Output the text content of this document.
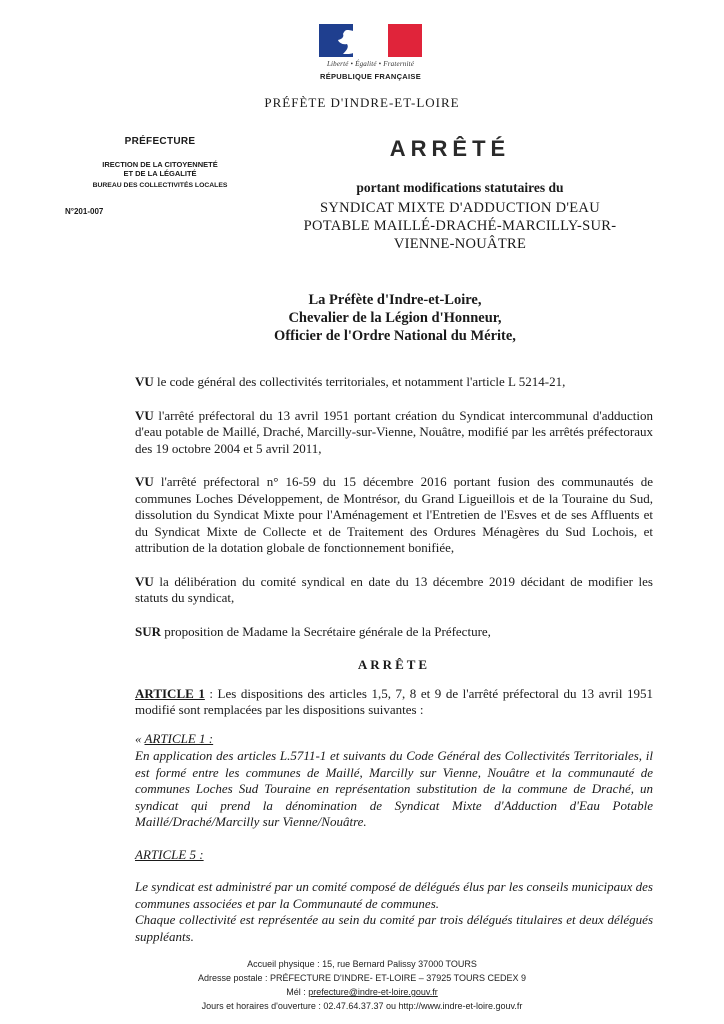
Liberté • Égalité • Fraternité
RÉPUBLIQUE FRANÇAISE
PRÉFÈTE D'INDRE-ET-LOIRE
PRÉFECTURE
IRECTION DE LA CITOYENNETÉ
ET DE LA LÉGALITÉ
BUREAU DES COLLECTIVITÉS LOCALES
N°201-007
ARRÊTÉ
portant modifications statutaires du
SYNDICAT MIXTE D'ADDUCTION D'EAU
POTABLE MAILLÉ-DRACHÉ-MARCILLY-SUR-
VIENNE-NOUÂTRE
La Préfète d'Indre-et-Loire,
Chevalier de la Légion d'Honneur,
Officier de l'Ordre National du Mérite,

VU le code général des collectivités territoriales, et notamment l'article L 5214-21,

VU l'arrêté préfectoral du 13 avril 1951 portant création du Syndicat intercommunal d'adduction d'eau potable de Maillé, Draché, Marcilly-sur-Vienne, Nouâtre, modifié par les arrêtés préfectoraux des 19 octobre 2004 et 5 avril 2011,

VU l'arrêté préfectoral n° 16-59 du 15 décembre 2016 portant fusion des communautés de communes Loches Développement, de Montrésor, du Grand Ligueillois et de la Touraine du Sud, dissolution du Syndicat Mixte pour l'Aménagement et l'Entretien de l'Esves et de ses Affluents et du Syndicat Mixte de Collecte et de Traitement des Ordures Ménagères du Sud Lochois, et attribution de la dotation globale de fonctionnement bonifiée,

VU la délibération du comité syndical en date du 13 décembre 2019 décidant de modifier les statuts du syndicat,

SUR proposition de Madame la Secrétaire générale de la Préfecture,

ARRÊTE

ARTICLE 1 : Les dispositions des articles 1,5, 7, 8 et 9 de l'arrêté préfectoral du 13 avril 1951 modifié sont remplacées par les dispositions suivantes :

« ARTICLE 1 :
En application des articles L.5711-1 et suivants du Code Général des Collectivités Territoriales, il est formé entre les communes de Maillé, Marcilly sur Vienne, Nouâtre et la communauté de communes Loches Sud Touraine en représentation substitution de la commune de Draché, un syndicat qui prend la dénomination de Syndicat Mixte d'Adduction d'Eau Potable Maillé/Draché/Marcilly sur Vienne/Nouâtre.
ARTICLE 5 :
Le syndicat est administré par un comité composé de délégués élus par les conseils municipaux des communes associées et par la Communauté de communes.
Chaque collectivité est représentée au sein du comité par trois délégués titulaires et deux délégués suppléants.
Accueil physique : 15, rue Bernard Palissy 37000 TOURS
Adresse postale : PRÉFECTURE D'INDRE- ET-LOIRE – 37925 TOURS CEDEX 9
Mél : prefecture@indre-et-loire.gouv.fr
Jours et horaires d'ouverture : 02.47.64.37.37 ou http://www.indre-et-loire.gouv.fr
